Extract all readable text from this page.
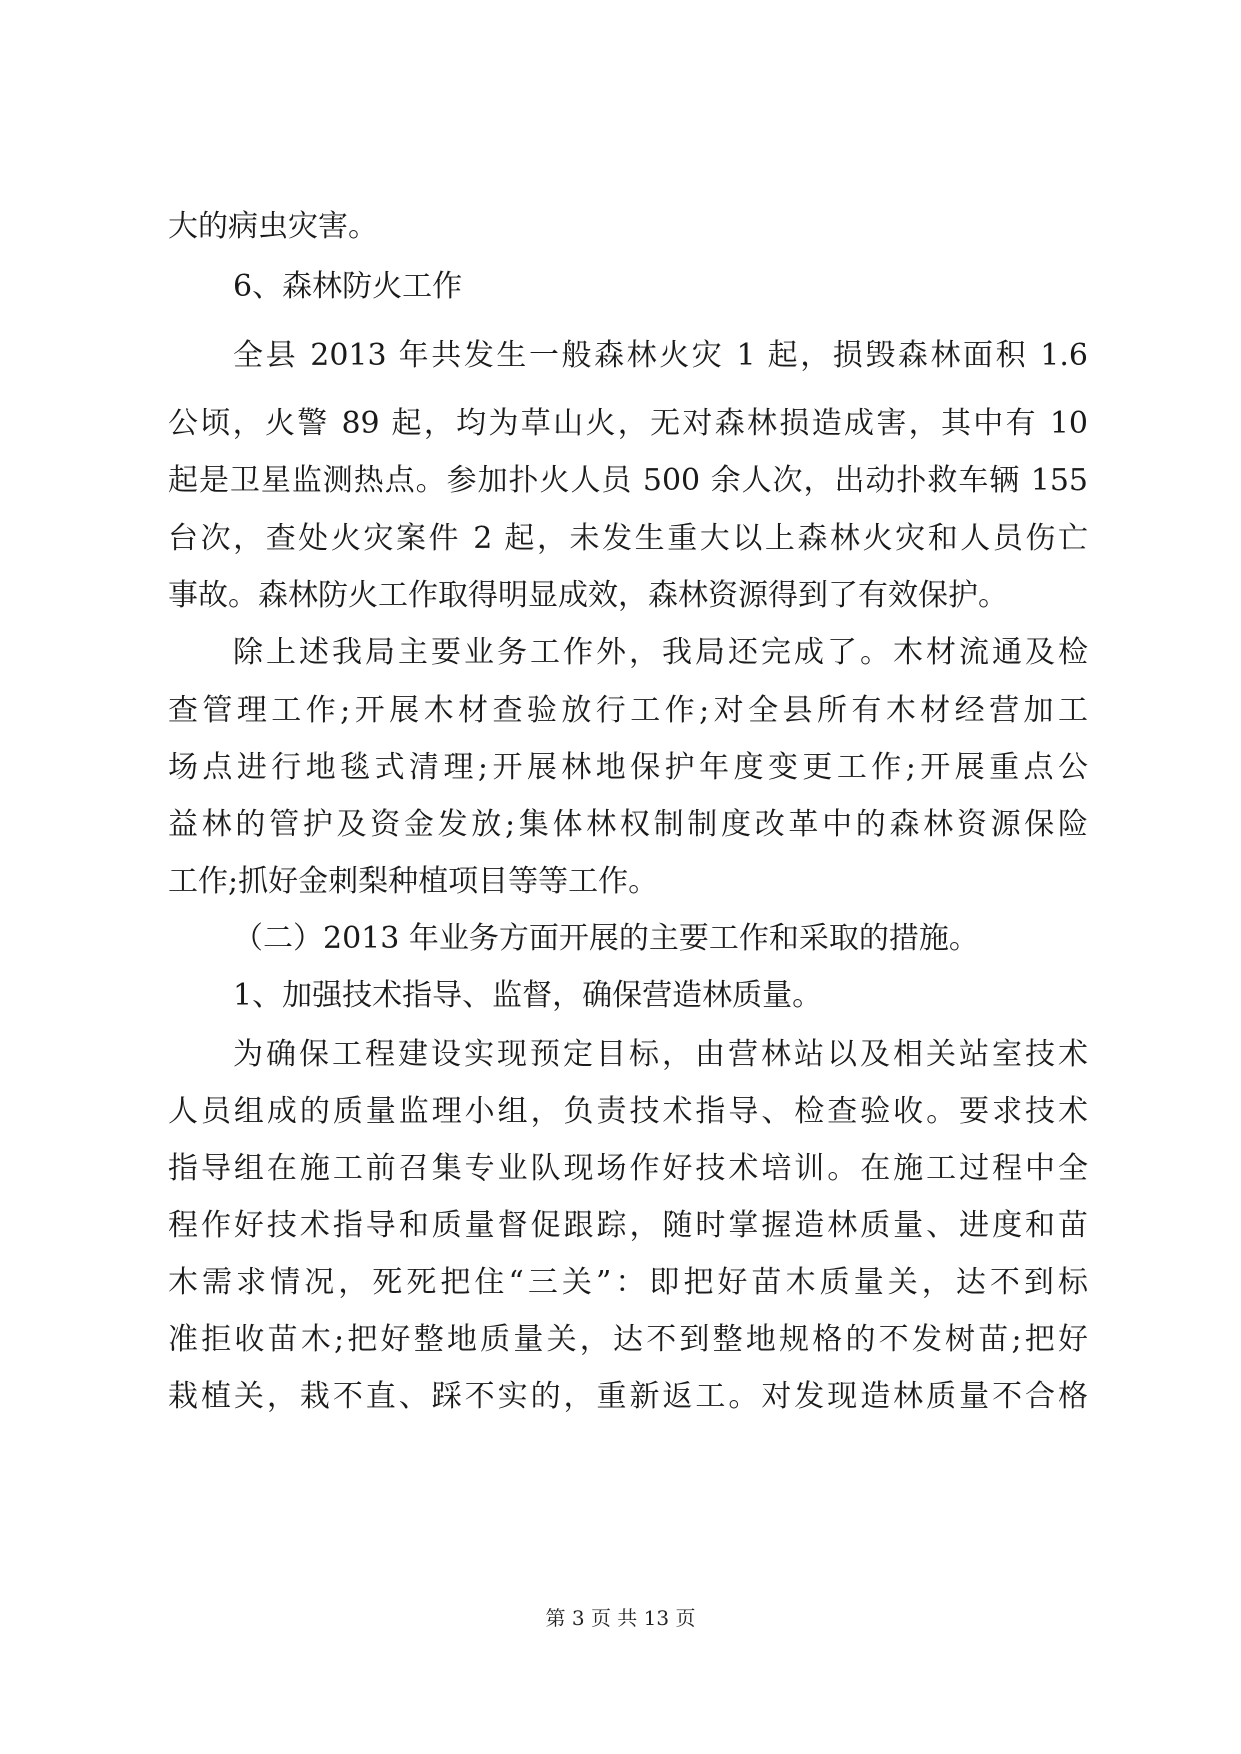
大的病虫灾害。
6、森林防火工作
全县 2013 年共发生一般森林火灾 1 起，损毁森林面积 1.6
公顷，火警 89 起，均为草山火，无对森林损造成害，其中有 10
起是卫星监测热点。参加扑火人员 500 余人次，出动扑救车辆 155
台次，查处火灾案件 2 起，未发生重大以上森林火灾和人员伤亡
事故。森林防火工作取得明显成效，森林资源得到了有效保护。
除上述我局主要业务工作外，我局还完成了。木材流通及检
查管理工作;开展木材查验放行工作;对全县所有木材经营加工
场点进行地毯式清理;开展林地保护年度变更工作;开展重点公
益林的管护及资金发放;集体林权制制度改革中的森林资源保险
工作;抓好金刺梨种植项目等等工作。
（二）2013 年业务方面开展的主要工作和采取的措施。
1、加强技术指导、监督，确保营造林质量。
为确保工程建设实现预定目标，由营林站以及相关站室技术
人员组成的质量监理小组，负责技术指导、检查验收。要求技术
指导组在施工前召集专业队现场作好技术培训。在施工过程中全
程作好技术指导和质量督促跟踪，随时掌握造林质量、进度和苗
木需求情况，死死把住“三关”：即把好苗木质量关，达不到标
准拒收苗木;把好整地质量关，达不到整地规格的不发树苗;把好
栽植关，栽不直、踩不实的，重新返工。对发现造林质量不合格
第 3 页 共 13 页
